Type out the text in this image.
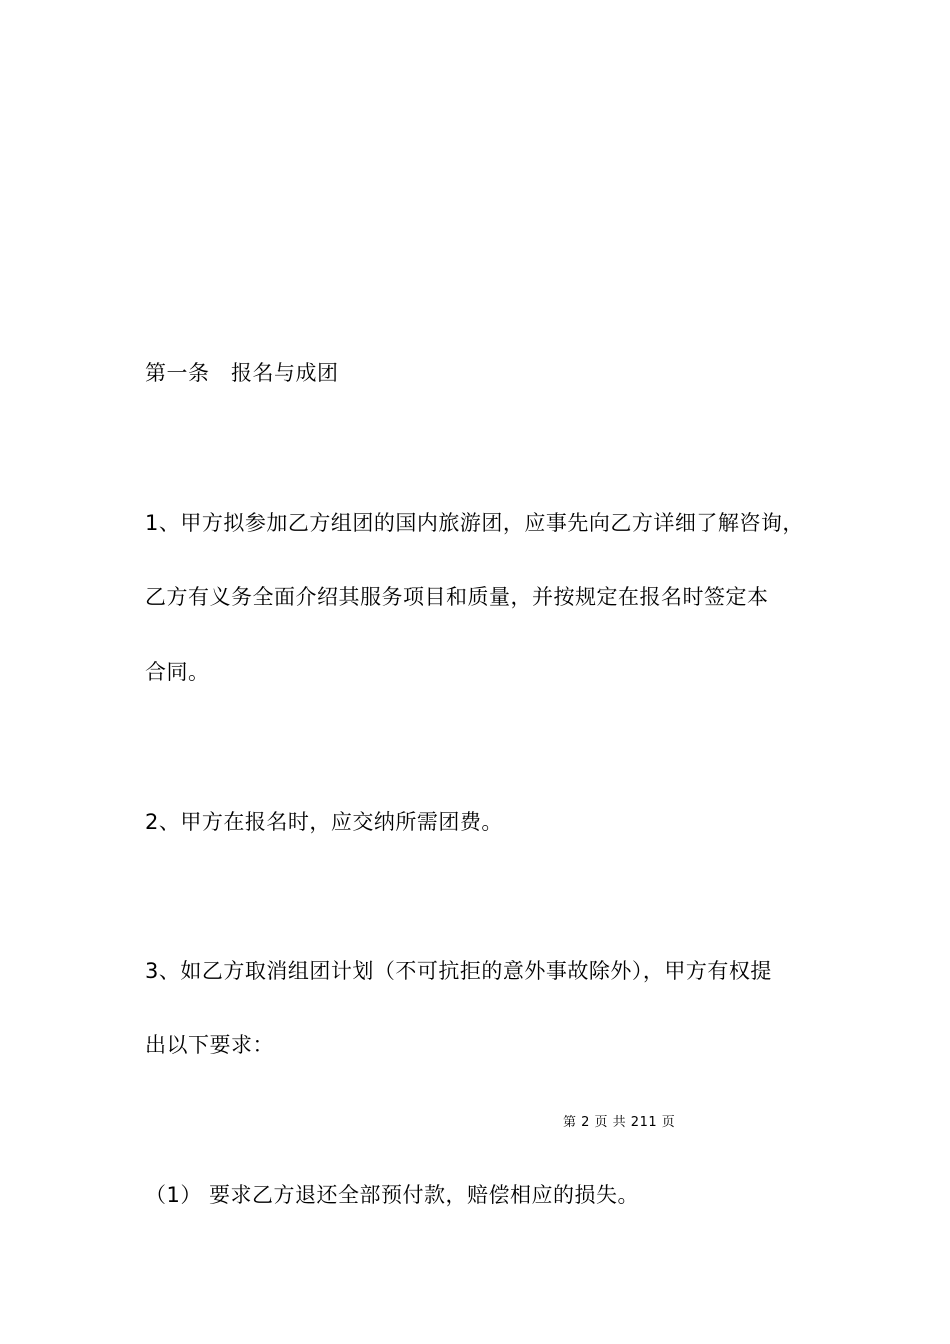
第一条　报名与成团
1、甲方拟参加乙方组团的国内旅游团，应事先向乙方详细了解咨询，
乙方有义务全面介绍其服务项目和质量，并按规定在报名时签定本
合同。
2、甲方在报名时，应交纳所需团费。
3、如乙方取消组团计划（不可抗拒的意外事故除外），甲方有权提
出以下要求：
第 2 页 共 211 页
（1） 要求乙方退还全部预付款，赔偿相应的损失。
